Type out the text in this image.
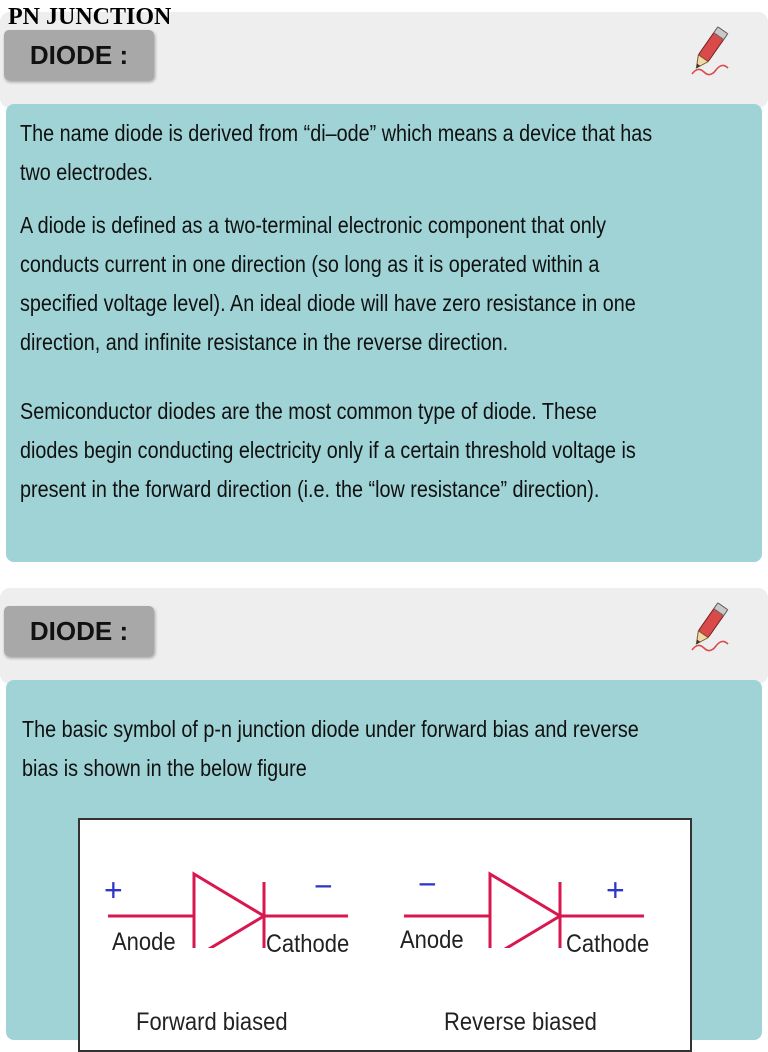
PN JUNCTION
DIODE :

The name diode is derived from “di–ode” which means a device that has two electrodes.

A diode is defined as a two-terminal electronic component that only conducts current in one direction (so long as it is operated within a specified voltage level). An ideal diode will have zero resistance in one direction, and infinite resistance in the reverse direction.

Semiconductor diodes are the most common type of diode. These diodes begin conducting electricity only if a certain threshold voltage is present in the forward direction (i.e. the “low resistance” direction).

DIODE :

The basic symbol of p-n junction diode under forward bias and reverse bias is shown in the below figure

+	−
Anode	Cathode
Forward biased
−	+
Anode	Cathode
Reverse biased
